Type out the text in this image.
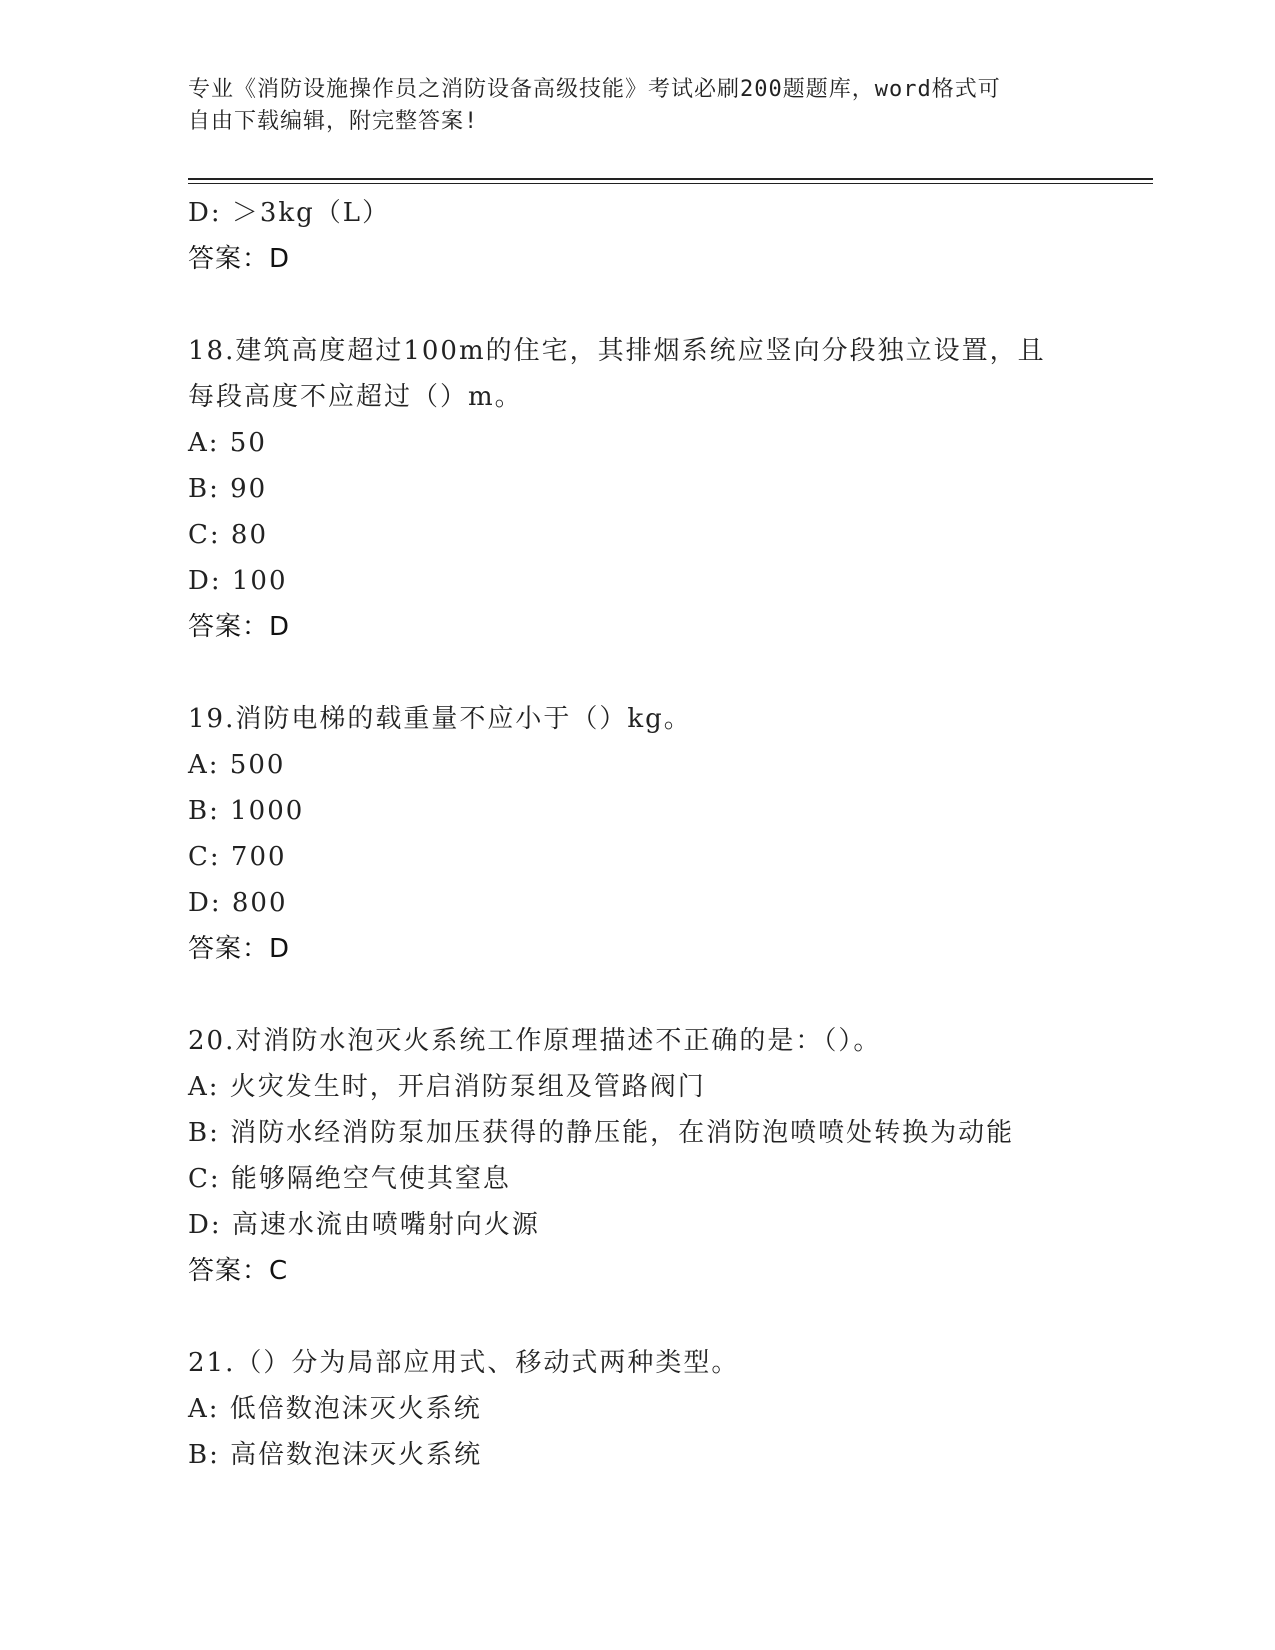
专业《消防设施操作员之消防设备高级技能》考试必刷200题题库，word格式可
自由下载编辑，附完整答案!
D: ＞3kg（L）
答案：D
18.建筑高度超过100m的住宅，其排烟系统应竖向分段独立设置，且
每段高度不应超过（）m。
A: 50
B: 90
C: 80
D: 100
答案：D
19.消防电梯的载重量不应小于（）kg。
A: 500
B: 1000
C: 700
D: 800
答案：D
20.对消防水泡灭火系统工作原理描述不正确的是：（）。
A: 火灾发生时，开启消防泵组及管路阀门
B: 消防水经消防泵加压获得的静压能，在消防泡喷喷处转换为动能
C: 能够隔绝空气使其窒息
D: 高速水流由喷嘴射向火源
答案：C
21.（）分为局部应用式、移动式两种类型。
A: 低倍数泡沫灭火系统
B: 高倍数泡沫灭火系统
